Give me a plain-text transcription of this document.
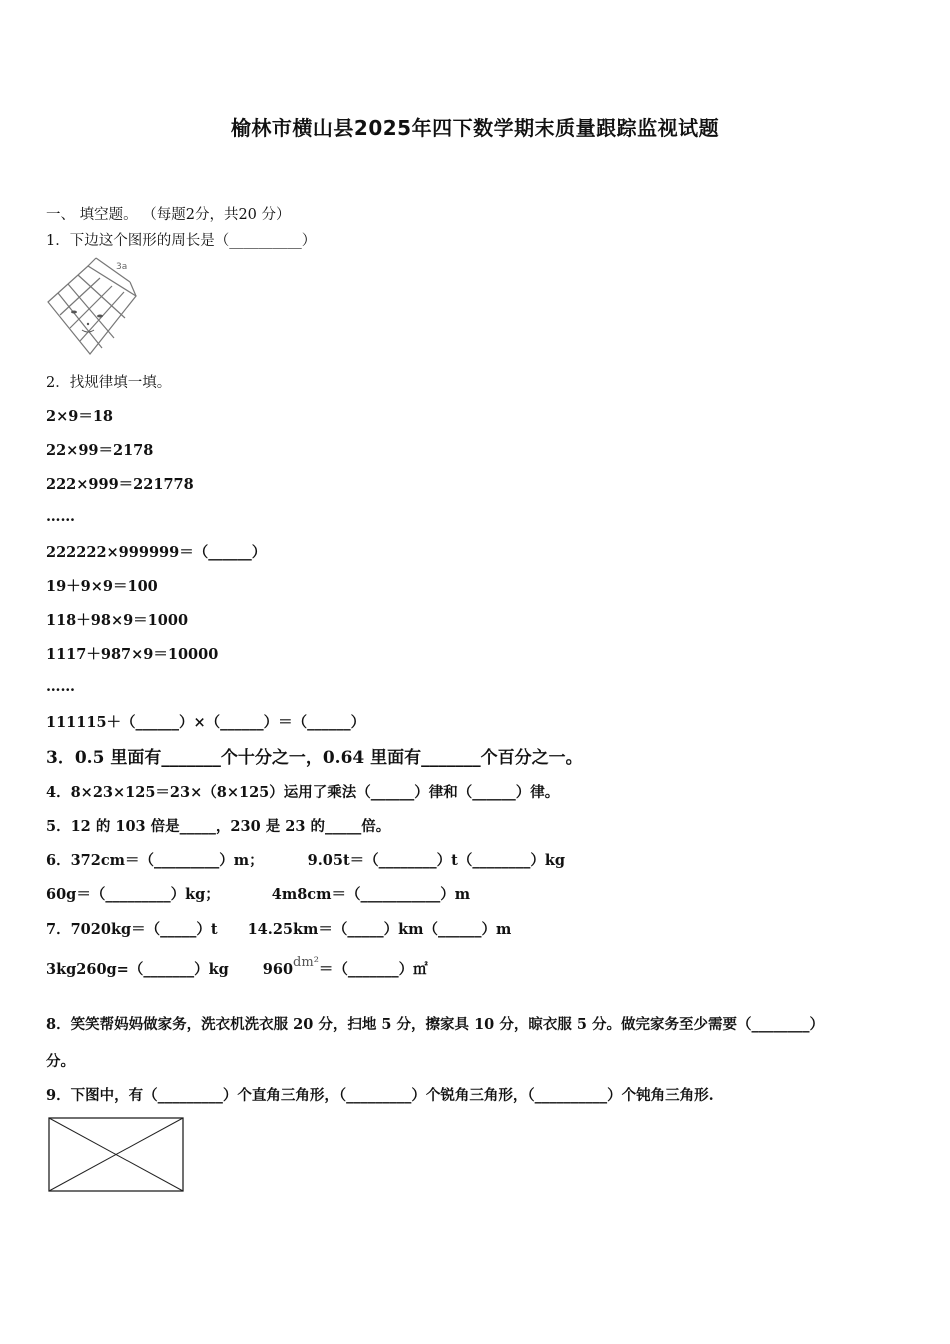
榆林市横山县2025年四下数学期末质量跟踪监视试题
一、 填空题。 （每题2分，共20 分）
1．下边这个图形的周长是（__________）
3a
2．找规律填一填。
2×9＝18
22×99＝2178
222×999＝221778
……
222222×999999＝（______）
19＋9×9＝100
118＋98×9＝1000
1117＋987×9＝10000
……
111115＋（______）×（______）＝（______）
3．0.5 里面有_______个十分之一，0.64 里面有_______个百分之一。
4．8×23×125＝23×（8×125）运用了乘法（______）律和（______）律。
5．12 的 103 倍是_____，230 是 23 的_____倍。
6．372cm＝（_________）m；	9.05t＝（________）t（________）kg
60g＝（_________）kg；	4m8cm＝（___________）m
7．7020kg＝（_____）t 14.25km＝（_____）km（______）m
3kg260g=（_______）kg 960dm²＝（_______）㎡
8．笑笑帮妈妈做家务，洗衣机洗衣服 20 分，扫地 5 分，擦家具 10 分，晾衣服 5 分。做完家务至少需要（________）
分。
9．下图中，有（_________）个直角三角形，（_________）个锐角三角形，（__________）个钝角三角形.
